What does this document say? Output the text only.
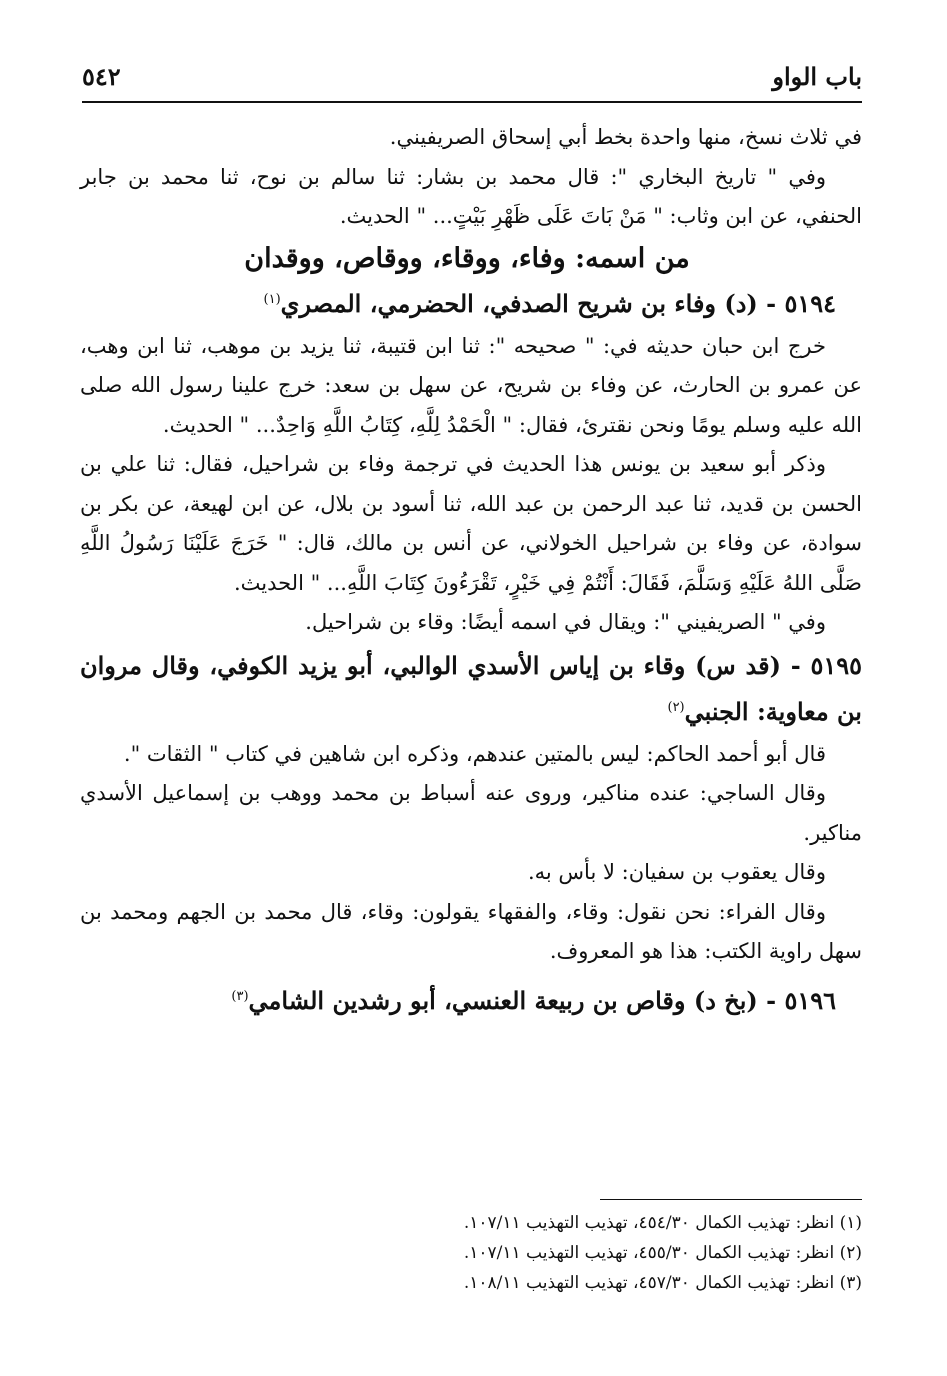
باب الواو
٥٤٢

في ثلاث نسخ، منها واحدة بخط أبي إسحاق الصريفيني.

وفي " تاريخ البخاري ": قال محمد بن بشار: ثنا سالم بن نوح، ثنا محمد بن جابر الحنفي، عن ابن وثاب: " مَنْ بَاتَ عَلَى ظَهْرِ بَيْتٍ... " الحديث.

من اسمه: وفاء، ووقاء، ووقاص، ووقدان

٥١٩٤ - (د) وفاء بن شريح الصدفي، الحضرمي، المصري$^{(١)}$

خرج ابن حبان حديثه في: " صحيحه ": ثنا ابن قتيبة، ثنا يزيد بن موهب، ثنا ابن وهب، عن عمرو بن الحارث، عن وفاء بن شريح، عن سهل بن سعد: خرج علينا رسول الله صلى الله عليه وسلم يومًا ونحن نقترئ، فقال: " الْحَمْدُ لِلَّهِ، كِتَابُ اللَّهِ وَاحِدٌ... " الحديث.

وذكر أبو سعيد بن يونس هذا الحديث في ترجمة وفاء بن شراحيل، فقال: ثنا علي بن الحسن بن قديد، ثنا عبد الرحمن بن عبد الله، ثنا أسود بن بلال، عن ابن لهيعة، عن بكر بن سوادة، عن وفاء بن شراحيل الخولاني، عن أنس بن مالك، قال: " خَرَجَ عَلَيْنَا رَسُولُ اللَّهِ صَلَّى اللهُ عَلَيْهِ وَسَلَّمَ، فَقَالَ: أَنْتُمْ فِي خَيْرٍ، تَقْرَءُونَ كِتَابَ اللَّهِ... " الحديث.

وفي " الصريفيني ": ويقال في اسمه أيضًا: وقاء بن شراحيل.

٥١٩٥ - (قد س) وقاء بن إياس الأسدي الوالبي، أبو يزيد الكوفي، وقال مروان بن معاوية: الجنبي$^{(٢)}$

قال أبو أحمد الحاكم: ليس بالمتين عندهم، وذكره ابن شاهين في كتاب " الثقات ".

وقال الساجي: عنده مناكير، وروى عنه أسباط بن محمد ووهب بن إسماعيل الأسدي مناكير.

وقال يعقوب بن سفيان: لا بأس به.

وقال الفراء: نحن نقول: وقاء، والفقهاء يقولون: وقاء، قال محمد بن الجهم ومحمد بن سهل راوية الكتب: هذا هو المعروف.

٥١٩٦ - (بخ د) وقاص بن ربيعة العنسي، أبو رشدين الشامي$^{(٣)}$

(١) انظر: تهذيب الكمال ٤٥٤/٣٠، تهذيب التهذيب ١٠٧/١١.

(٢) انظر: تهذيب الكمال ٤٥٥/٣٠، تهذيب التهذيب ١٠٧/١١.

(٣) انظر: تهذيب الكمال ٤٥٧/٣٠، تهذيب التهذيب ١٠٨/١١.
